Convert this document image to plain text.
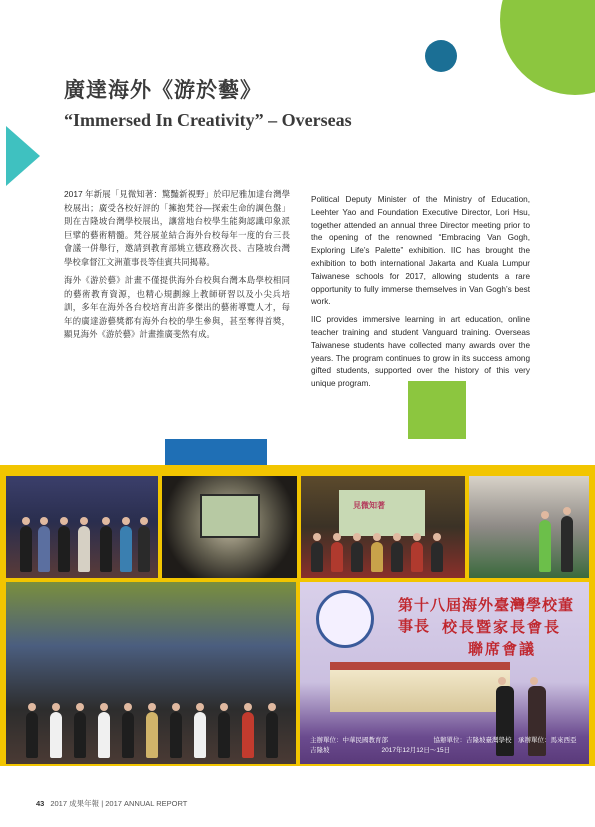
廣達海外《游於藝》
“Immersed In Creativity” – Overseas

2017 年新展「見微知著：驚豔新視野」於印尼雅加達台灣學校展出；廣受各校好評的「擁抱梵谷—探索生命的調色盤」則在吉隆坡台灣學校展出，讓當地台校學生能夠認識印象派巨擘的藝術精髓。梵谷展並結合海外台校每年一度的台三長會議一併舉行，邀請到教育部姚立德政務次長、吉隆坡台灣學校拿督江文洲董事長等佳賓共同揭幕。

海外《游於藝》計畫不僅提供海外台校與台灣本島學校相同的藝術教育資源，也精心規劃線上教師研習以及小尖兵培訓，多年在海外各台校培育出許多傑出的藝術導覽人才，每年的廣達游藝獎都有海外台校的學生參與，甚至奪得首獎，顯見海外《游於藝》計畫推廣斐然有成。

Political Deputy Minister of the Ministry of Education, Leehter Yao and Foundation Executive Director, Lori Hsu, together attended an annual three Director meeting prior to the opening of the renowned “Embracing Van Gogh, Exploring Life’s Palette” exhibition. IIC has brought the exhibition to both international Jakarta and Kuala Lumpur Taiwanese schools for 2017, allowing students a rare opportunity to fully immerse themselves in Van Gogh’s best work.

IIC provides immersive learning in art education, online teacher training and student Vanguard training. Overseas Taiwanese students have collected many awards over the years. The program continues to grow in its success among gifted students, supported over the history of this very unique program.

見微知著
第十八屆海外臺灣學校董事長 校長暨家長會長
聯席會議
主辦單位：中華民國教育部　　　　　　　協辦單位：吉隆坡臺灣學校　承辦單位：馬來西亞吉隆坡　　　　　　　　2017年12月12日～15日
43 2017 成果年報 | 2017 ANNUAL REPORT
